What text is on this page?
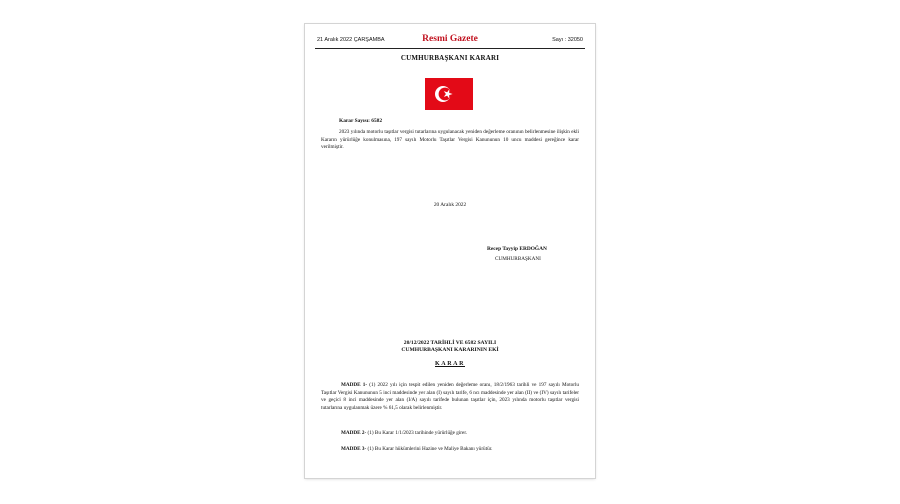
21 Aralık 2022 ÇARŞAMBA	Resmi Gazete	Sayı : 32050
CUMHURBAŞKANI KARARI
Karar Sayısı: 6582
2023 yılında motorlu taşıtlar vergisi tutarlarına uygulanacak yeniden değerleme oranının belirlenmesine ilişkin ekli Kararın yürürlüğe konulmasına, 197 sayılı Motorlu Taşıtlar Vergisi Kanununun 10 uncu maddesi gereğince karar verilmiştir.
20 Aralık 2022
Recep Tayyip ERDOĞAN
CUMHURBAŞKANI
20/12/2022 TARİHLİ VE 6582 SAYILI
CUMHURBAŞKANI KARARININ EKİ
KARAR
MADDE 1- (1) 2022 yılı için tespit edilen yeniden değerleme oranı, 18/2/1963 tarihli ve 197 sayılı Motorlu Taşıtlar Vergisi Kanununun 5 inci maddesinde yer alan (I) sayılı tarife, 6 ncı maddesinde yer alan (II) ve (IV) sayılı tarifeler ve geçici 8 inci maddesinde yer alan (I/A) sayılı tarifede bulunan taşıtlar için, 2023 yılında motorlu taşıtlar vergisi tutarlarına uygulanmak üzere % 61,5 olarak belirlenmiştir.
MADDE 2- (1) Bu Karar 1/1/2023 tarihinde yürürlüğe girer.
MADDE 3- (1) Bu Karar hükümlerini Hazine ve Maliye Bakanı yürütür.
